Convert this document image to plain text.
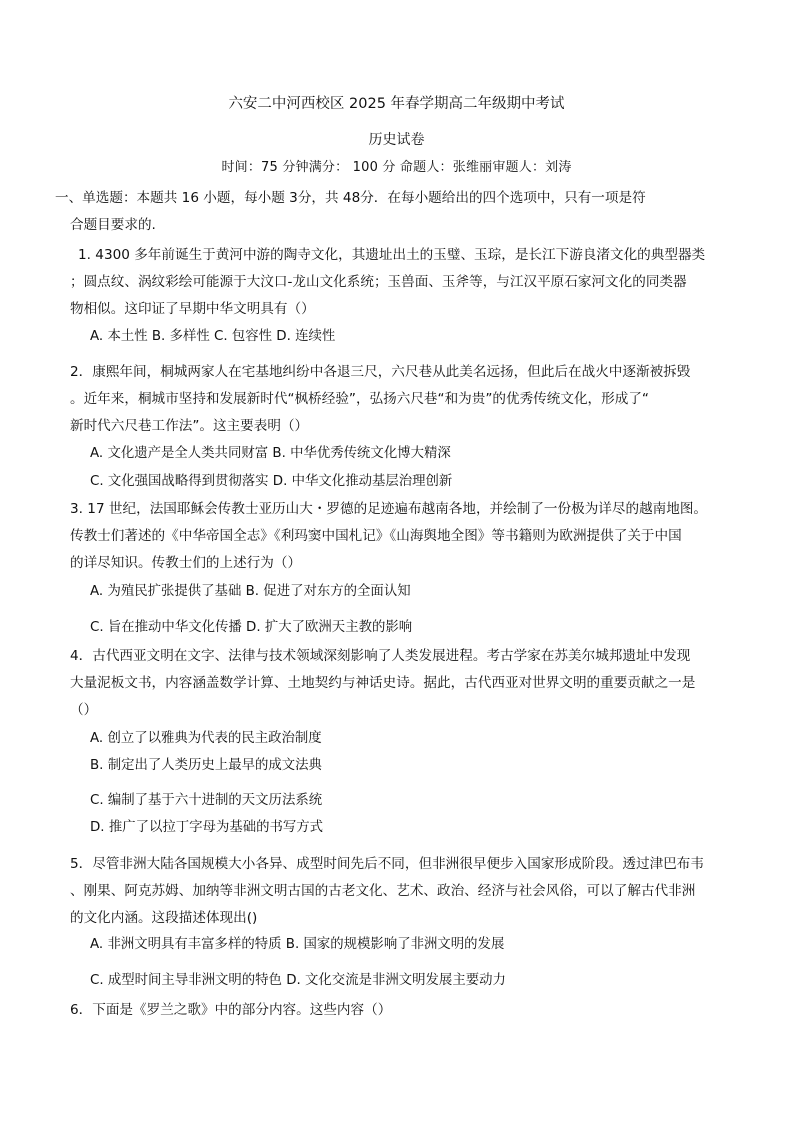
六安二中河西校区 2025 年春学期高二年级期中考试
历史试卷
时间：75 分钟满分： 100 分 命题人：张维丽审题人：刘涛
一、单选题：本题共 16 小题，每小题 3分，共 48分．在每小题给出的四个选项中，只有一项是符
合题目要求的.
1. 4300 多年前诞生于黄河中游的陶寺文化，其遗址出土的玉璧、玉琮，是长江下游良渚文化的典型器类
；圆点纹、涡纹彩绘可能源于大汶口-龙山文化系统；玉兽面、玉斧等，与江汉平原石家河文化的同类器
物相似。这印证了早期中华文明具有（）
A. 本土性 B. 多样性 C. 包容性 D. 连续性
2．康熙年间，桐城两家人在宅基地纠纷中各退三尺，六尺巷从此美名远扬，但此后在战火中逐渐被拆毁
。近年来，桐城市坚持和发展新时代“枫桥经验”，弘扬六尺巷“和为贵”的优秀传统文化，形成了“
新时代六尺巷工作法”。这主要表明（）
A. 文化遗产是全人类共同财富 B. 中华优秀传统文化博大精深
C. 文化强国战略得到贯彻落实 D. 中华文化推动基层治理创新
3. 17 世纪，法国耶稣会传教士亚历山大・罗德的足迹遍布越南各地，并绘制了一份极为详尽的越南地图。
传教士们著述的《中华帝国全志》《利玛窦中国札记》《山海舆地全图》等书籍则为欧洲提供了关于中国
的详尽知识。传教士们的上述行为（）
A. 为殖民扩张提供了基础 B. 促进了对东方的全面认知
C. 旨在推动中华文化传播 D. 扩大了欧洲天主教的影响
4．古代西亚文明在文字、法律与技术领域深刻影响了人类发展进程。考古学家在苏美尔城邦遗址中发现
大量泥板文书，内容涵盖数学计算、土地契约与神话史诗。据此，古代西亚对世界文明的重要贡献之一是
（）
A. 创立了以雅典为代表的民主政治制度
B. 制定出了人类历史上最早的成文法典
C. 编制了基于六十进制的天文历法系统
D. 推广了以拉丁字母为基础的书写方式
5．尽管非洲大陆各国规模大小各异、成型时间先后不同，但非洲很早便步入国家形成阶段。透过津巴布韦
、刚果、阿克苏姆、加纳等非洲文明古国的古老文化、艺术、政治、经济与社会风俗，可以了解古代非洲
的文化内涵。这段描述体现出()
A. 非洲文明具有丰富多样的特质 B. 国家的规模影响了非洲文明的发展
C. 成型时间主导非洲文明的特色 D. 文化交流是非洲文明发展主要动力
6．下面是《罗兰之歌》中的部分内容。这些内容（）
